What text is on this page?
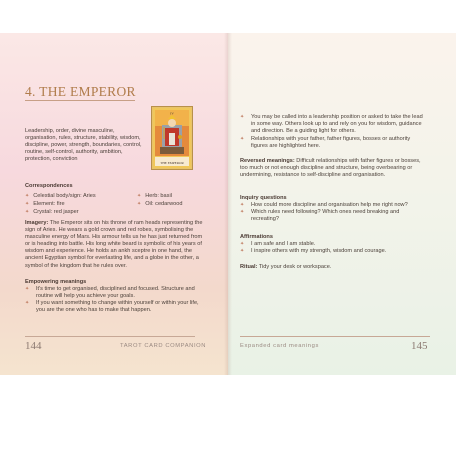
4. THE EMPEROR
THE EMPEROR
IV

Leadership, order, divine masculine, organisation, rules, structure, stability, wisdom, discipline, power, strength, boundaries, control, routine, self-control, authority, ambition, protection, conviction

Correspondences

✦ Celestial body/sign: Aries	✦ Herb: basil
✦ Element: fire	✦ Oil: cedarwood
✦ Crystal: red jasper

Imagery: The Emperor sits on his throne of ram heads representing the sign of Aries. He wears a gold crown and red robes, symbolising the masculine energy of Mars. His armour tells us he has just returned from or is heading into battle. His long white beard is symbolic of his years of wisdom and experience. He holds an ankh sceptre in one hand, the ancient Egyptian symbol for everlasting life, and a globe in the other, a symbol of the kingdom that he rules over.

Empowering meanings

✦ It's time to get organised, disciplined and focused. Structure and routine will help you achieve your goals.
✦ If you want something to change within yourself or within your life, you are the one who has to make that happen.
144	TAROT CARD COMPANION
✦ You may be called into a leadership position or asked to take the lead in some way. Others look up to and rely on you for wisdom, guidance and direction. Be a guiding light for others.
✦ Relationships with your father, father figures, bosses or authority figures are highlighted here.

Reversed meanings: Difficult relationships with father figures or bosses, too much or not enough discipline and structure, being overbearing or undermining, resistance to self-discipline and organisation.

Inquiry questions

✦ How could more discipline and organisation help me right now?
✦ Which rules need following? Which ones need breaking and recreating?

Affirmations

✦ I am safe and I am stable.
✦ I inspire others with my strength, wisdom and courage.

Ritual: Tidy your desk or workspace.

Expanded card meanings	145
